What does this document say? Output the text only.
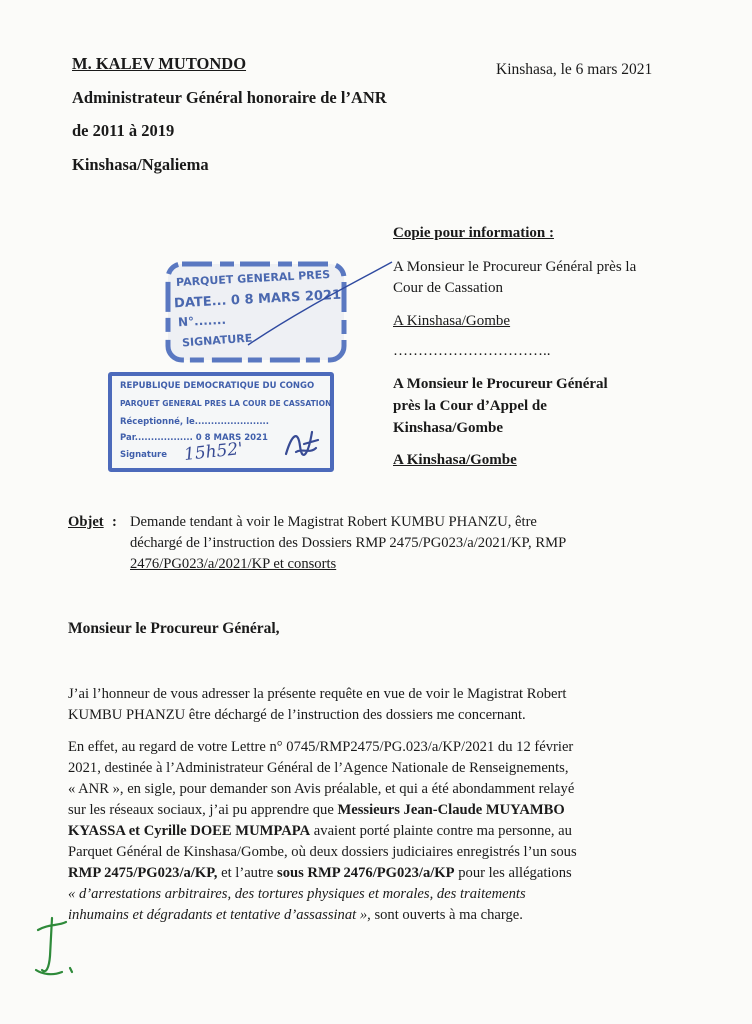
M. KALEV MUTONDO
Administrateur Général honoraire de l’ANR
de 2011 à 2019
Kinshasa/Ngaliema
Kinshasa, le 6 mars 2021
Copie pour information :
A Monsieur le Procureur Général près la
Cour de Cassation
A Kinshasa/Gombe
…………………………..
A Monsieur le Procureur Général
près la Cour d’Appel de
Kinshasa/Gombe
A Kinshasa/Gombe
PARQUET GENERAL PRES
DATE... 0 8 MARS 2021
N°.......
SIGNATURE
REPUBLIQUE DEMOCRATIQUE DU CONGO
PARQUET GENERAL PRES LA COUR DE CASSATION
Réceptionné, le.......................
Par.................. 0 8 MARS 2021
Signature 15h52'
Objet : Demande tendant à voir le Magistrat Robert KUMBU PHANZU, être
déchargé de l’instruction des Dossiers RMP 2475/PG023/a/2021/KP, RMP
2476/PG023/a/2021/KP et consorts
Monsieur le Procureur Général,
J’ai l’honneur de vous adresser la présente requête en vue de voir le Magistrat Robert
KUMBU PHANZU être déchargé de l’instruction des dossiers me concernant.
En effet, au regard de votre Lettre n° 0745/RMP2475/PG.023/a/KP/2021 du 12 février
2021, destinée à l’Administrateur Général de l’Agence Nationale de Renseignements,
« ANR », en sigle, pour demander son Avis préalable, et qui a été abondamment relayé
sur les réseaux sociaux, j’ai pu apprendre que Messieurs Jean-Claude MUYAMBO
KYASSA et Cyrille DOEE MUMPAPA avaient porté plainte contre ma personne, au
Parquet Général de Kinshasa/Gombe, où deux dossiers judiciaires enregistrés l’un sous
RMP 2475/PG023/a/KP, et l’autre sous RMP 2476/PG023/a/KP pour les allégations
« d’arrestations arbitraires, des tortures physiques et morales, des traitements
inhumains et dégradants et tentative d’assassinat », sont ouverts à ma charge.
